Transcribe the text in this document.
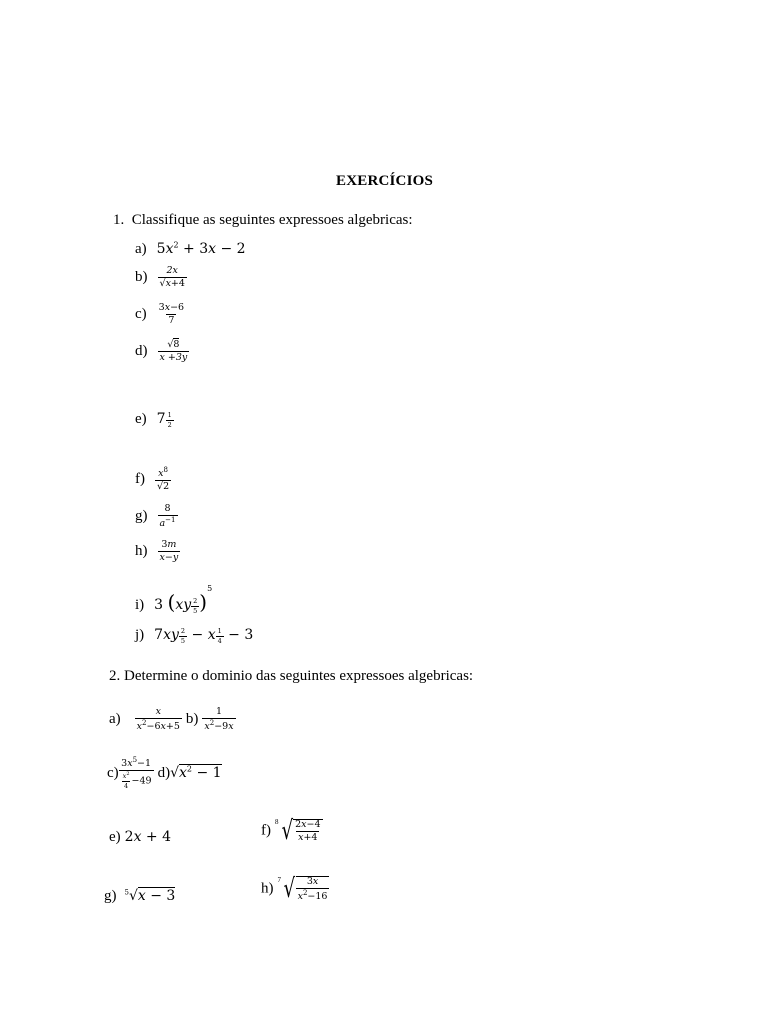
EXERCÍCIOS
1.  Classifique as seguintes expressoes algebricas:
a) $5x^2 + 3x - 2$
$b) \frac{2x}{√x+4}$
$c) \frac{3x-6}{7}$
$d) \frac{√8}{x +3y}$
e) $7 \frac{1}{2}$
$f) \frac{x^8}{√2}$
$g) \frac{8}{a^{-1}}$
$h) \frac{3m}{x-y}$
i) 3 $(xy \frac{2}{5} )^5$
j) $7xy \frac{2}{5} - x \frac{1}{4} - 3$
2. Determine o dominio das seguintes expressoes algebricas:
$a) \frac{x}{x^2-6x+5} b) \frac{1}{x^2-9x}$
$c) \frac{3x^5-1}{\frac{x^2}{4} -49} d)√x^2 - 1$
e) 2x + 4	f)
8 √ $\frac{2x-4}{x+4}$
g) $^5$√x − 3	h)
7 √ $\frac{3x}{x^2-16}$
